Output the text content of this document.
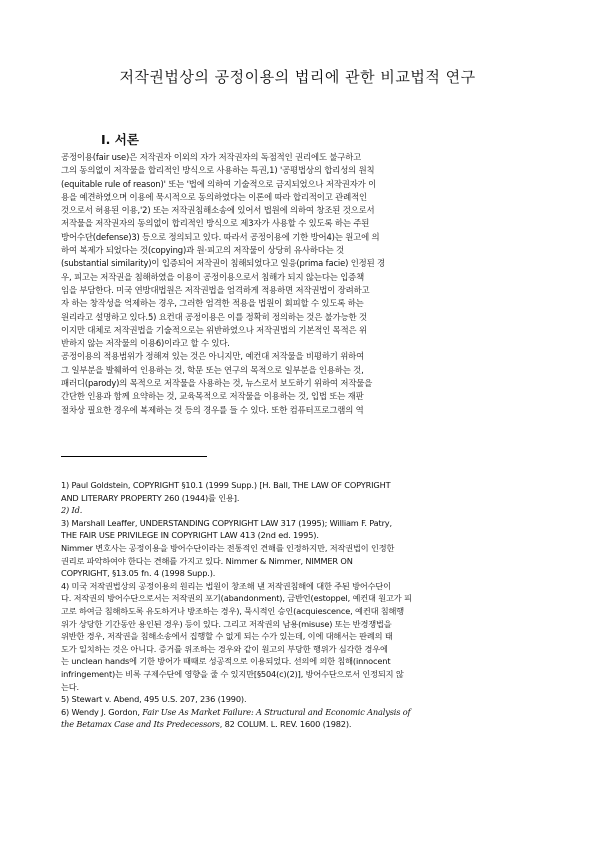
저작권법상의 공정이용의 법리에 관한 비교법적 연구
I. 서론
공정이용(fair use)은 저작권자 이외의 자가 저작권자의 독점적인 권리에도 불구하고
그의 동의없이 저작물을 합리적인 방식으로 사용하는 특권,1) '공평법상의 합리성의 원칙
(equitable rule of reason)' 또는 '법에 의하여 기술적으로 금지되었으나 저작권자가 이
용을 예견하였으며 이용에 묵시적으로 동의하였다는 이론에 따라 합리적이고 관례적인
것으로서 허용된 이용,'2) 또는 저작권침해소송에 있어서 법원에 의하여 창조된 것으로서
저작물을 저작권자의 동의없이 합리적인 방식으로 제3자가 사용할 수 있도록 하는 주된
방어수단(defense)3) 등으로 정의되고 있다. 따라서 공정이용에 기한 방어4)는 원고에 의
하여 복제가 되었다는 것(copying)과 원·피고의 저작물이 상당히 유사하다는 것
(substantial similarity)이 입증되어 저작권이 침해되었다고 일응(prima facie) 인정된 경
우, 피고는 저작권을 침해하였을 이용이 공정이용으로서 침해가 되지 않는다는 입증책
임을 부담한다. 미국 연방대법원은 저작권법을 엄격하게 적용하면 저작권법이 장려하고
자 하는 창작성을 억제하는 경우, 그러한 엄격한 적용을 법원이 회피할 수 있도록 하는
원리라고 설명하고 있다.5) 요컨대 공정이용은 이를 정확히 정의하는 것은 불가능한 것
이지만 대체로 저작권법을 기술적으로는 위반하였으나 저작권법의 기본적인 목적은 위
반하지 않는 저작물의 이용6)이라고 할 수 있다.
공정이용의 적용범위가 정해져 있는 것은 아니지만, 예컨대 저작물을 비평하기 위하여
그 일부분을 발췌하여 인용하는 것, 학문 또는 연구의 목적으로 일부분을 인용하는 것,
패러디(parody)의 목적으로 저작물을 사용하는 것, 뉴스로서 보도하기 위하여 저작물을
간단한 인용과 함께 요약하는 것, 교육목적으로 저작물을 이용하는 것, 입법 또는 재판
절차상 필요한 경우에 복제하는 것 등의 경우를 들 수 있다. 또한 컴퓨터프로그램의 역
1) Paul Goldstein, COPYRIGHT §10.1 (1999 Supp.) [H. Ball, THE LAW OF COPYRIGHT
AND LITERARY PROPERTY 260 (1944)를 인용].
2) Id.
3) Marshall Leaffer, UNDERSTANDING COPYRIGHT LAW 317 (1995); William F. Patry,
THE FAIR USE PRIVILEGE IN COPYRIGHT LAW 413 (2nd ed. 1995).
Nimmer 변호사는 공정이용을 방어수단이라는 전통적인 견해를 인정하지만, 저작권법이 인정한
권리로 파악하여야 한다는 견해를 가지고 있다. Nimmer & Nimmer, NIMMER ON
COPYRIGHT, §13.05 fn. 4 (1998 Supp.).
4) 미국 저작권법상의 공정이용의 원리는 법원이 창조해 낸 저작권침해에 대한 주된 방어수단이
다. 저작권의 방어수단으로서는 저작권의 포기(abandonment), 금반언(estoppel, 예컨대 원고가 피
고로 하여금 침해하도록 유도하거나 방조하는 경우), 묵시적인 승인(acquiescence, 예컨대 침해행
위가 상당한 기간동안 용인된 경우) 등이 있다. 그리고 저작권의 남용(misuse) 또는 반경쟁법을
위반한 경우, 저작권을 침해소송에서 집행할 수 없게 되는 수가 있는데, 이에 대해서는 판례의 태
도가 일치하는 것은 아니다. 증거를 위조하는 경우와 같이 원고의 부당한 행위가 심각한 경우에
는 unclean hands에 기한 방어가 때때로 성공적으로 이용되었다. 선의에 의한 침해(innocent
infringement)는 비록 구제수단에 영향을 줄 수 있지만[§504(c)(2)], 방어수단으로서 인정되지 않
는다.
5) Stewart v. Abend, 495 U.S. 207, 236 (1990).
6) Wendy J. Gordon, Fair Use As Market Failure: A Structural and Economic Analysis of
the Betamax Case and Its Predecessors, 82 COLUM. L. REV. 1600 (1982).
